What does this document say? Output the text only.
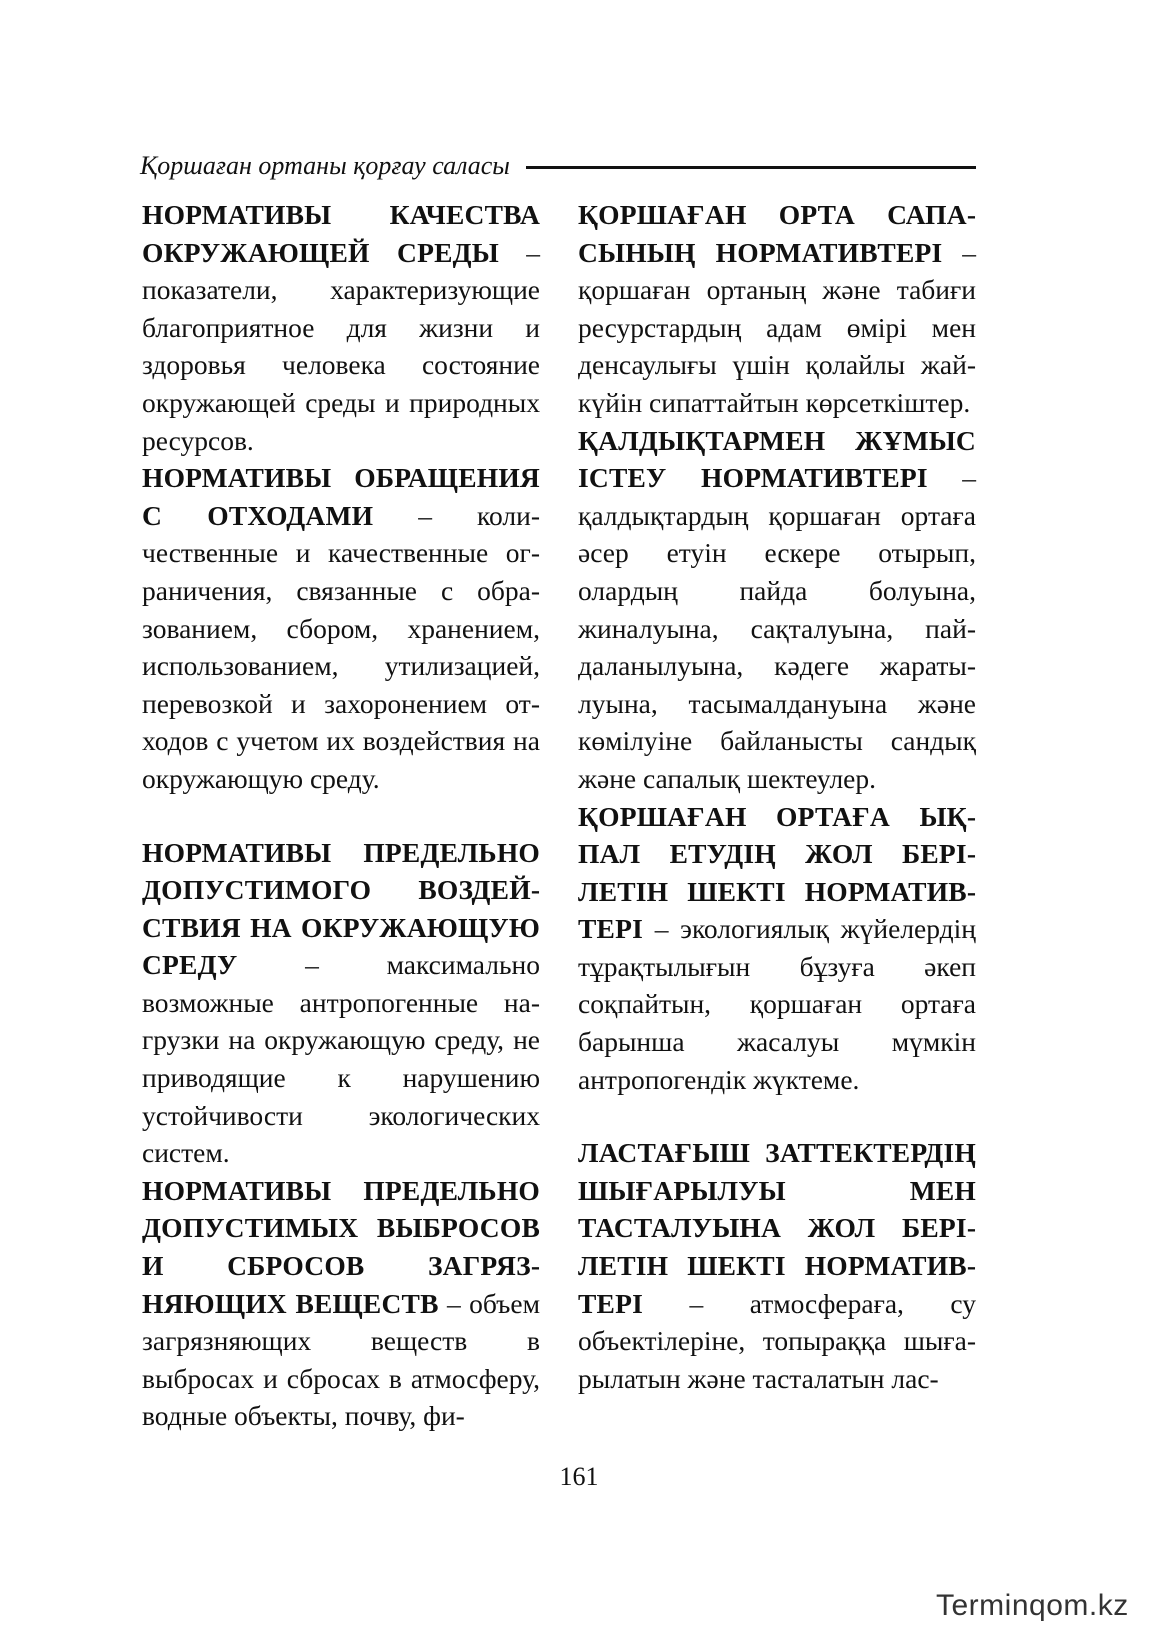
Қоршаған ортаны қорғау саласы

НОРМАТИВЫ КАЧЕСТВА ОКРУЖАЮЩЕЙ СРЕДЫ – показатели, характеризующие благоприятное для жизни и здоровья человека состояние окружающей среды и природных ресурсов.

НОРМАТИВЫ ОБРАЩЕНИЯ С ОТХОДАМИ – количественные и качественные ограничения, связанные с образованием, сбором, хранением, использованием, утилизацией, перевозкой и захоронением отходов с учетом их воздействия на окружающую среду.

НОРМАТИВЫ ПРЕДЕЛЬНО ДОПУСТИМОГО ВОЗДЕЙСТВИЯ НА ОКРУЖАЮЩУЮ СРЕДУ – максимально возможные антропогенные нагрузки на окружающую среду, не приводящие к нарушению устойчивости экологических систем.

НОРМАТИВЫ ПРЕДЕЛЬНО ДОПУСТИМЫХ ВЫБРОСОВ И СБРОСОВ ЗАГРЯЗНЯЮЩИХ ВЕЩЕСТВ – объем загрязняющих веществ в выбросах и сбросах в атмосферу, водные объекты, почву, фи-

ҚОРШАҒАН ОРТА САПАСЫНЫҢ НОРМАТИВТЕРІ – қоршаған ортаның және табиғи ресурстардың адам өмірі мен денсаулығы үшін қолайлы жай-күйін сипаттайтын көрсеткіштер.

ҚАЛДЫҚТАРМЕН ЖҰМЫС ІСТЕУ НОРМАТИВТЕРІ – қалдықтардың қоршаған ортаға әсер етуін ескере отырып, олардың пайда болуына, жиналуына, сақталуына, пайдаланылуына, кәдеге жаратылуына, тасымалдануына және көмілуіне байланысты сандық және сапалық шектеулер.

ҚОРШАҒАН ОРТАҒА ЫҚПАЛ ЕТУДІҢ ЖОЛ БЕРІЛЕТІН ШЕКТІ НОРМАТИВТЕРІ – экологиялық жүйелердің тұрақтылығын бұзуға әкеп соқпайтын, қоршаған ортаға барынша жасалуы мүмкін антропогендік жүктеме.

ЛАСТАҒЫШ ЗАТТЕКТЕРДІҢ ШЫҒАРЫЛУЫ МЕН ТАСТАЛУЫНА ЖОЛ БЕРІЛЕТІН ШЕКТІ НОРМАТИВТЕРІ – атмосфераға, су объектілеріне, топыраққа шығарылатын және тасталатын лас-

161
Terminqom.kz
